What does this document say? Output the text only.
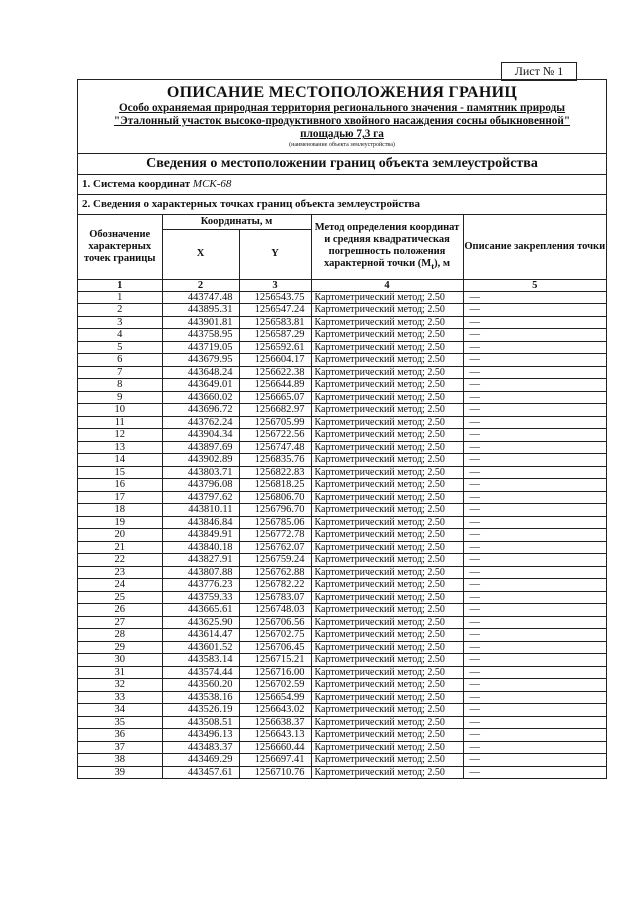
Лист № 1
ОПИСАНИЕ МЕСТОПОЛОЖЕНИЯ ГРАНИЦ
Особо охраняемая природная территория регионального значения - памятник природы
"Эталонный участок высоко-продуктивного хвойного насаждения сосны обыкновенной"
площадью 7,3 га
(наименование объекта землеустройства)
Сведения о местоположении границ объекта землеустройства
1. Система координат МСК-68
2. Сведения о характерных точках границ объекта землеустройства
Обозначение характерных точек границы	Координаты, м		Метод определения координат и средняя квадратическая погрешность положения характерной точки $(M_t)$, м	Описание закрепления точки
	X	Y		
1	2	3	4	5
1	443747.48	1256543.75	Картометрический метод; 2.50	—
2	443895.31	1256547.24	Картометрический метод; 2.50	—
3	443901.81	1256583.81	Картометрический метод; 2.50	—
4	443758.95	1256587.29	Картометрический метод; 2.50	—
5	443719.05	1256592.61	Картометрический метод; 2.50	—
6	443679.95	1256604.17	Картометрический метод; 2.50	—
7	443648.24	1256622.38	Картометрический метод; 2.50	—
8	443649.01	1256644.89	Картометрический метод; 2.50	—
9	443660.02	1256665.07	Картометрический метод; 2.50	—
10	443696.72	1256682.97	Картометрический метод; 2.50	—
11	443762.24	1256705.99	Картометрический метод; 2.50	—
12	443904.34	1256722.56	Картометрический метод; 2.50	—
13	443897.69	1256747.48	Картометрический метод; 2.50	—
14	443902.89	1256835.76	Картометрический метод; 2.50	—
15	443803.71	1256822.83	Картометрический метод; 2.50	—
16	443796.08	1256818.25	Картометрический метод; 2.50	—
17	443797.62	1256806.70	Картометрический метод; 2.50	—
18	443810.11	1256796.70	Картометрический метод; 2.50	—
19	443846.84	1256785.06	Картометрический метод; 2.50	—
20	443849.91	1256772.78	Картометрический метод; 2.50	—
21	443840.18	1256762.07	Картометрический метод; 2.50	—
22	443827.91	1256759.24	Картометрический метод; 2.50	—
23	443807.88	1256762.88	Картометрический метод; 2.50	—
24	443776.23	1256782.22	Картометрический метод; 2.50	—
25	443759.33	1256783.07	Картометрический метод; 2.50	—
26	443665.61	1256748.03	Картометрический метод; 2.50	—
27	443625.90	1256706.56	Картометрический метод; 2.50	—
28	443614.47	1256702.75	Картометрический метод; 2.50	—
29	443601.52	1256706.45	Картометрический метод; 2.50	—
30	443583.14	1256715.21	Картометрический метод; 2.50	—
31	443574.44	1256716.00	Картометрический метод; 2.50	—
32	443560.20	1256702.59	Картометрический метод; 2.50	—
33	443538.16	1256654.99	Картометрический метод; 2.50	—
34	443526.19	1256643.02	Картометрический метод; 2.50	—
35	443508.51	1256638.37	Картометрический метод; 2.50	—
36	443496.13	1256643.13	Картометрический метод; 2.50	—
37	443483.37	1256660.44	Картометрический метод; 2.50	—
38	443469.29	1256697.41	Картометрический метод; 2.50	—
39	443457.61	1256710.76	Картометрический метод; 2.50	—
